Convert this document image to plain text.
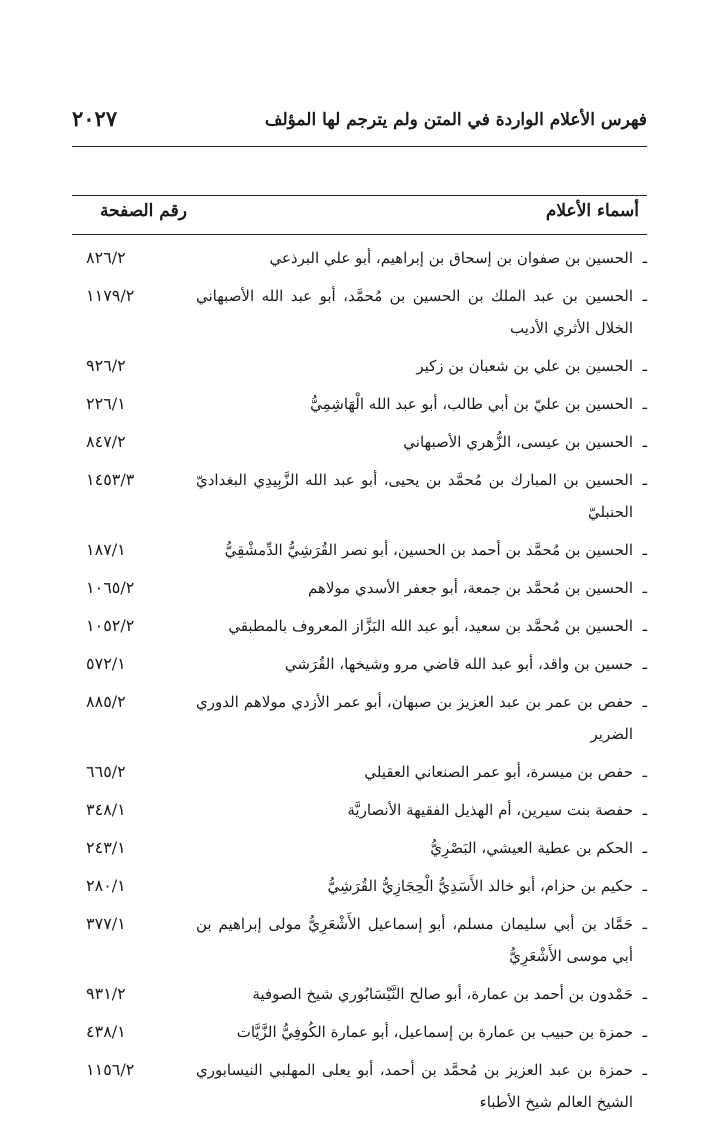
فهرس الأعلام الواردة في المتن ولم يترجم لها المؤلف
٢٠٢٧
أسماء الأعلام
رقم الصفحة
ـ الحسين بن صفوان بن إسحاق بن إبراهيم، أبو علي البرذعي
٨٢٦/٢
ـ الحسين بن عبد الملك بن الحسين بن مُحمَّد، أبو عبد الله الأصبهاني الخلال الأثري الأديب
١١٧٩/٢
ـ الحسين بن علي بن شعبان بن زكير
٩٢٦/٢
ـ الحسين بن عليّ بن أبي طالب، أبو عبد الله الْهَاشِمِيُّ
٢٢٦/١
ـ الحسين بن عيسى، الزُّهري الأصبهاني
٨٤٧/٢
ـ الحسين بن المبارك بن مُحمَّد بن يحيى، أبو عبد الله الزَّبِيدِي البغداديّ الحنبليّ
١٤٥٣/٣
ـ الحسين بن مُحمَّد بن أحمد بن الحسين، أبو نصر القُرَشِيُّ الدِّمشْقِيُّ
١٨٧/١
ـ الحسين بن مُحمَّد بن جمعة، أبو جعفر الأسدي مولاهم
١٠٦٥/٢
ـ الحسين بن مُحمَّد بن سعيد، أبو عبد الله البَزَّاز المعروف بالمطبقي
١٠٥٢/٢
ـ حسين بن واقد، أبو عبد الله قاضي مرو وشيخها، القُرَشي
٥٧٢/١
ـ حفص بن عمر بن عبد العزيز بن صبهان، أبو عمر الأزدي مولاهم الدوري الضرير
٨٨٥/٢
ـ حفص بن ميسرة، أبو عمر الصنعاني العقيلي
٦٦٥/٢
ـ حفصة بنت سيرين، أم الهذيل الفقيهة الأنصاريَّة
٣٤٨/١
ـ الحكم بن عطية العيشي، البَصْرِيُّ
٢٤٣/١
ـ حكيم بن حزام، أبو خالد الأَسَدِيُّ الْحِجَازِيُّ القُرَشِيُّ
٢٨٠/١
ـ حَمَّاد بن أبي سليمان مسلم، أبو إسماعيل الأَشْعَرِيُّ مولى إبراهيم بن أبي موسى الأَشْعَرِيُّ
٣٧٧/١
ـ حَمْدون بن أحمد بن عمارة، أبو صالح النَّيْسَابُوري شيخ الصوفية
٩٣١/٢
ـ حمزة بن حبيب بن عمارة بن إسماعيل، أبو عمارة الكُوفِيُّ الزَّيَّات
٤٣٨/١
ـ حمزة بن عبد العزيز بن مُحمَّد بن أحمد، أبو يعلى المهلبي النيسابوري الشيخ العالم شيخ الأطباء
١١٥٦/٢
